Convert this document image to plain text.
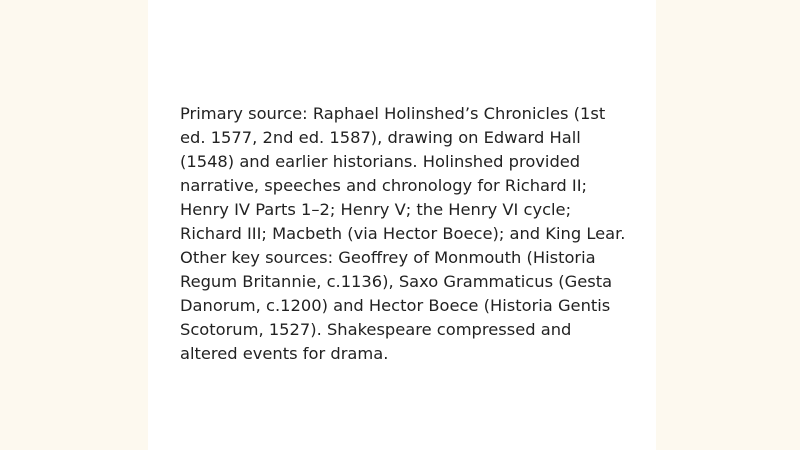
Primary source: Raphael Holinshed’s Chronicles (1st
ed. 1577, 2nd ed. 1587), drawing on Edward Hall
(1548) and earlier historians. Holinshed provided
narrative, speeches and chronology for Richard II;
Henry IV Parts 1–2; Henry V; the Henry VI cycle;
Richard III; Macbeth (via Hector Boece); and King Lear.
Other key sources: Geoffrey of Monmouth (Historia
Regum Britannie, c.1136), Saxo Grammaticus (Gesta
Danorum, c.1200) and Hector Boece (Historia Gentis
Scotorum, 1527). Shakespeare compressed and
altered events for drama.
